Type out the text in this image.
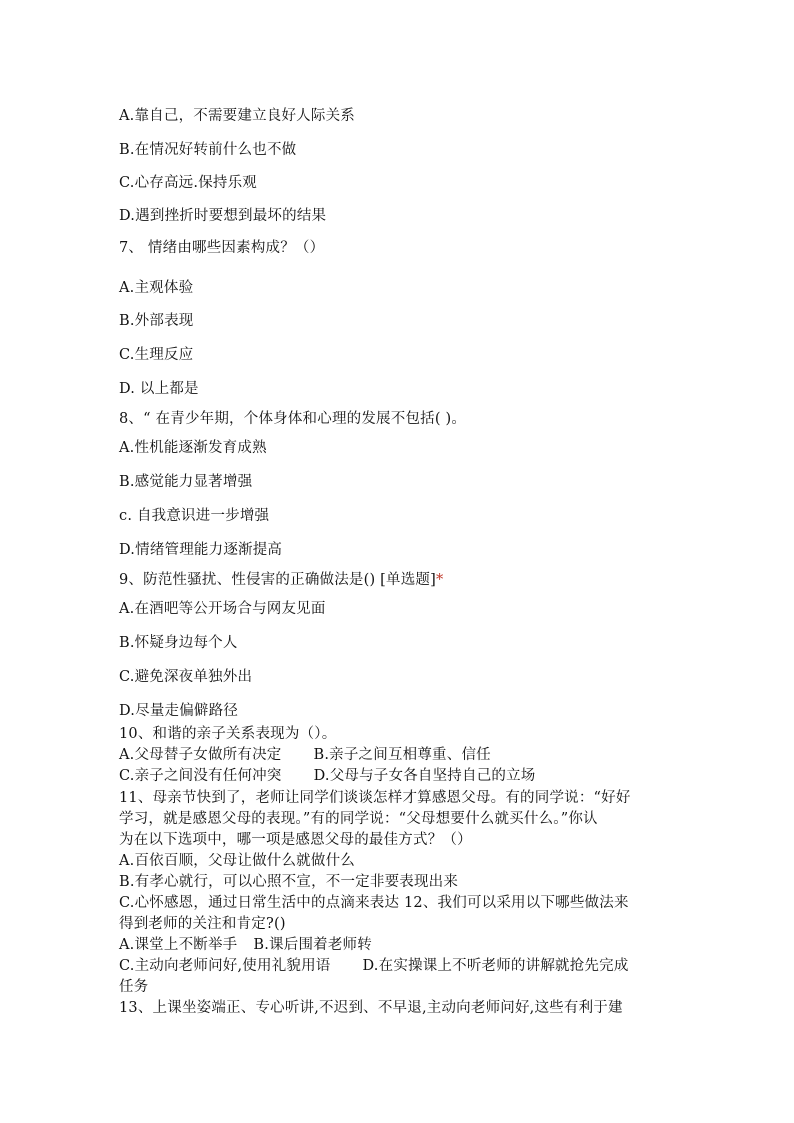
A.靠自己，不需要建立良好人际关系
B.在情况好转前什么也不做
C.心存高远.保持乐观
D.遇到挫折时要想到最坏的结果
7、 情绪由哪些因素构成？（）
A.主观体验
B.外部表现
C.生理反应
D. 以上都是
8、“ 在青少年期，个体身体和心理的发展不包括( )。
A.性机能逐渐发育成熟
B.感觉能力显著增强
c. 自我意识进一步增强
D.情绪管理能力逐渐提高
9、防范性骚扰、性侵害的正确做法是() [单选题]*
A.在酒吧等公开场合与网友见面
B.怀疑身边每个人
C.避免深夜单独外出
D.尽量走偏僻路径
10、和谐的亲子关系表现为（）。
A.父母替子女做所有决定 B.亲子之间互相尊重、信任
C.亲子之间没有任何冲突 D.父母与子女各自坚持自己的立场
11、母亲节快到了，老师让同学们谈谈怎样才算感恩父母。有的同学说：“好好
学习，就是感恩父母的表现。”有的同学说：“父母想要什么就买什么。”你认
为在以下选项中，哪一项是感恩父母的最佳方式？（）
A.百依百顺，父母让做什么就做什么
B.有孝心就行，可以心照不宣，不一定非要表现出来
C.心怀感恩，通过日常生活中的点滴来表达 12、我们可以采用以下哪些做法来
得到老师的关注和肯定?()
A.课堂上不断举手 B.课后围着老师转
C.主动向老师问好,使用礼貌用语 D.在实操课上不听老师的讲解就抢先完成
任务
13、上课坐姿端正、专心听讲,不迟到、不早退,主动向老师问好,这些有利于建
